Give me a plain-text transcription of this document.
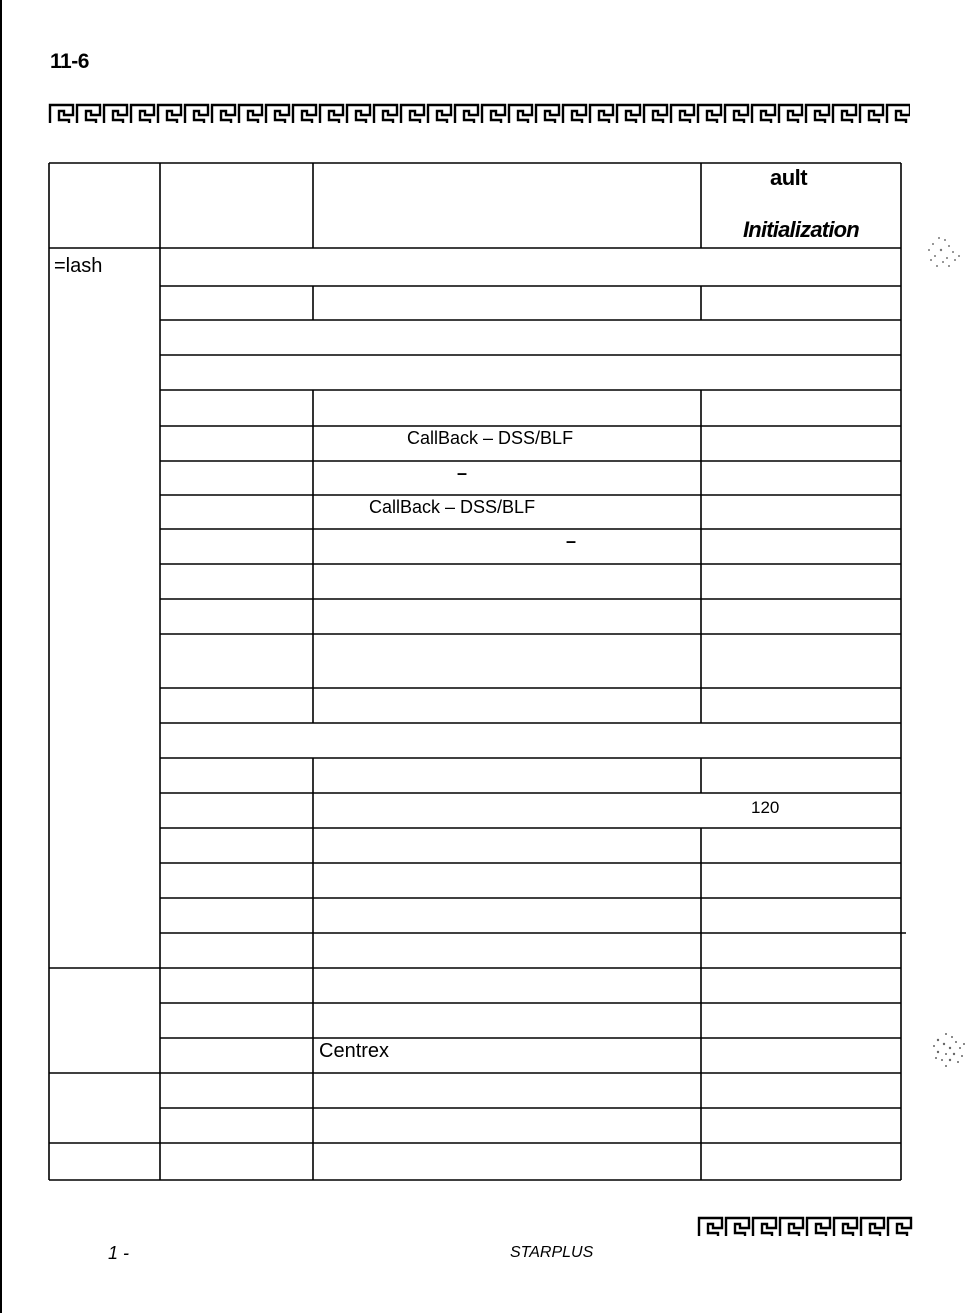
11-6
ault
Initialization
=lash
CallBack – DSS/BLF
–
CallBack – DSS/BLF
–
120
Centrex
1 -	STARPLUS
